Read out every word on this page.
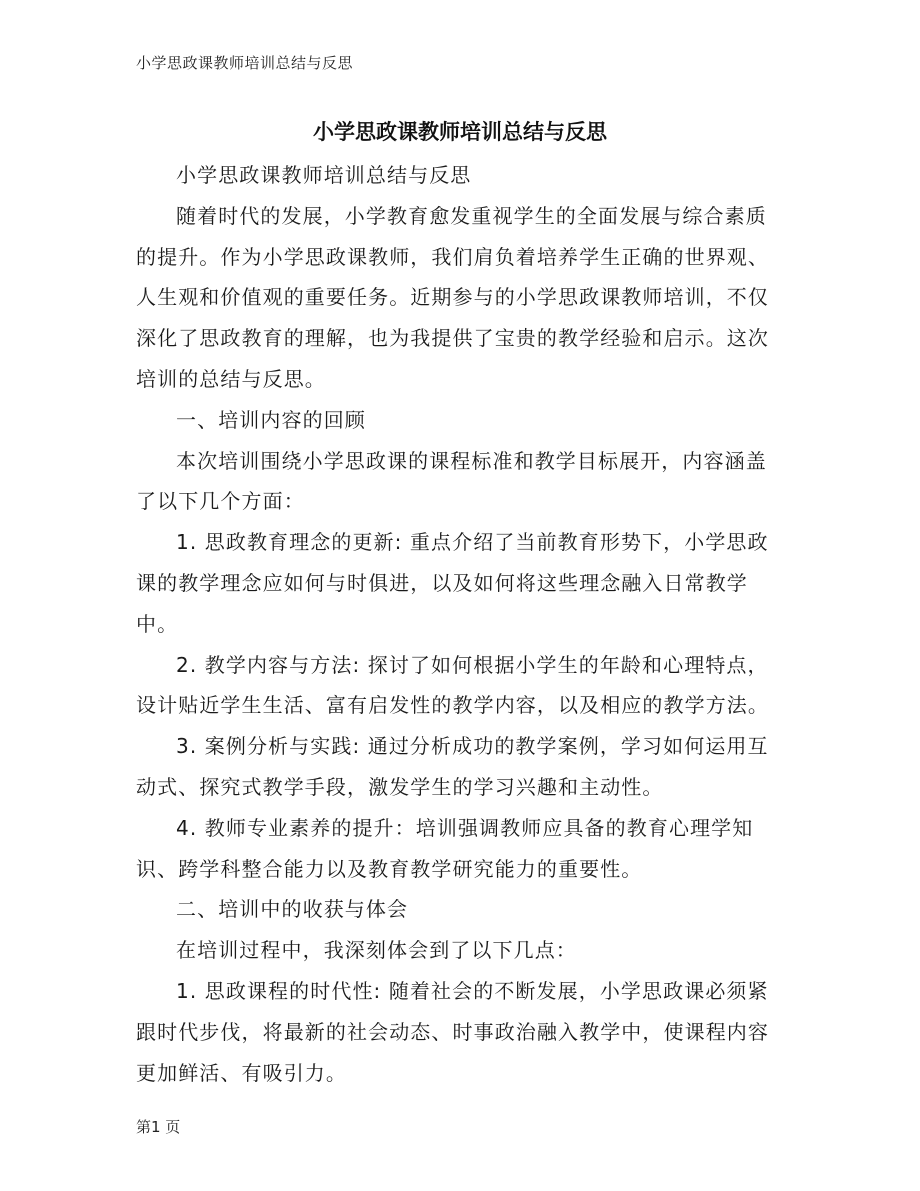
小学思政课教师培训总结与反思
小学思政课教师培训总结与反思

小学思政课教师培训总结与反思

随着时代的发展，小学教育愈发重视学生的全面发展与综合素质的提升。作为小学思政课教师，我们肩负着培养学生正确的世界观、人生观和价值观的重要任务。近期参与的小学思政课教师培训，不仅深化了思政教育的理解，也为我提供了宝贵的教学经验和启示。这次培训的总结与反思。

一、培训内容的回顾

本次培训围绕小学思政课的课程标准和教学目标展开，内容涵盖了以下几个方面：

1. 思政教育理念的更新: 重点介绍了当前教育形势下，小学思政课的教学理念应如何与时俱进，以及如何将这些理念融入日常教学中。

2. 教学内容与方法: 探讨了如何根据小学生的年龄和心理特点，设计贴近学生生活、富有启发性的教学内容，以及相应的教学方法。

3. 案例分析与实践: 通过分析成功的教学案例，学习如何运用互动式、探究式教学手段，激发学生的学习兴趣和主动性。

4. 教师专业素养的提升：培训强调教师应具备的教育心理学知识、跨学科整合能力以及教育教学研究能力的重要性。

二、培训中的收获与体会

在培训过程中，我深刻体会到了以下几点：

1. 思政课程的时代性: 随着社会的不断发展，小学思政课必须紧跟时代步伐，将最新的社会动态、时事政治融入教学中，使课程内容更加鲜活、有吸引力。

第1 页
